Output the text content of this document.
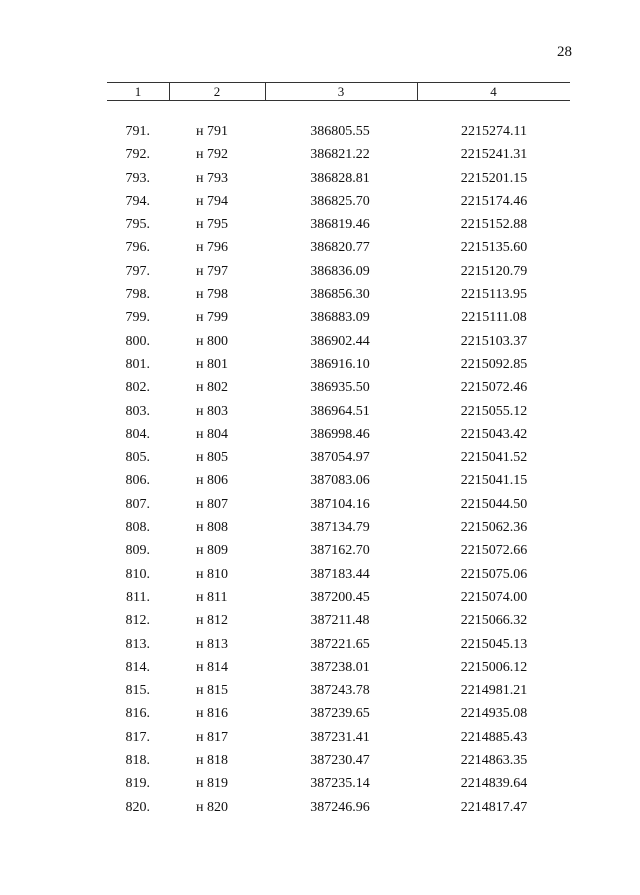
28
1	2	3	4
791.	н 791	386805.55	2215274.11
792.	н 792	386821.22	2215241.31
793.	н 793	386828.81	2215201.15
794.	н 794	386825.70	2215174.46
795.	н 795	386819.46	2215152.88
796.	н 796	386820.77	2215135.60
797.	н 797	386836.09	2215120.79
798.	н 798	386856.30	2215113.95
799.	н 799	386883.09	2215111.08
800.	н 800	386902.44	2215103.37
801.	н 801	386916.10	2215092.85
802.	н 802	386935.50	2215072.46
803.	н 803	386964.51	2215055.12
804.	н 804	386998.46	2215043.42
805.	н 805	387054.97	2215041.52
806.	н 806	387083.06	2215041.15
807.	н 807	387104.16	2215044.50
808.	н 808	387134.79	2215062.36
809.	н 809	387162.70	2215072.66
810.	н 810	387183.44	2215075.06
811.	н 811	387200.45	2215074.00
812.	н 812	387211.48	2215066.32
813.	н 813	387221.65	2215045.13
814.	н 814	387238.01	2215006.12
815.	н 815	387243.78	2214981.21
816.	н 816	387239.65	2214935.08
817.	н 817	387231.41	2214885.43
818.	н 818	387230.47	2214863.35
819.	н 819	387235.14	2214839.64
820.	н 820	387246.96	2214817.47
